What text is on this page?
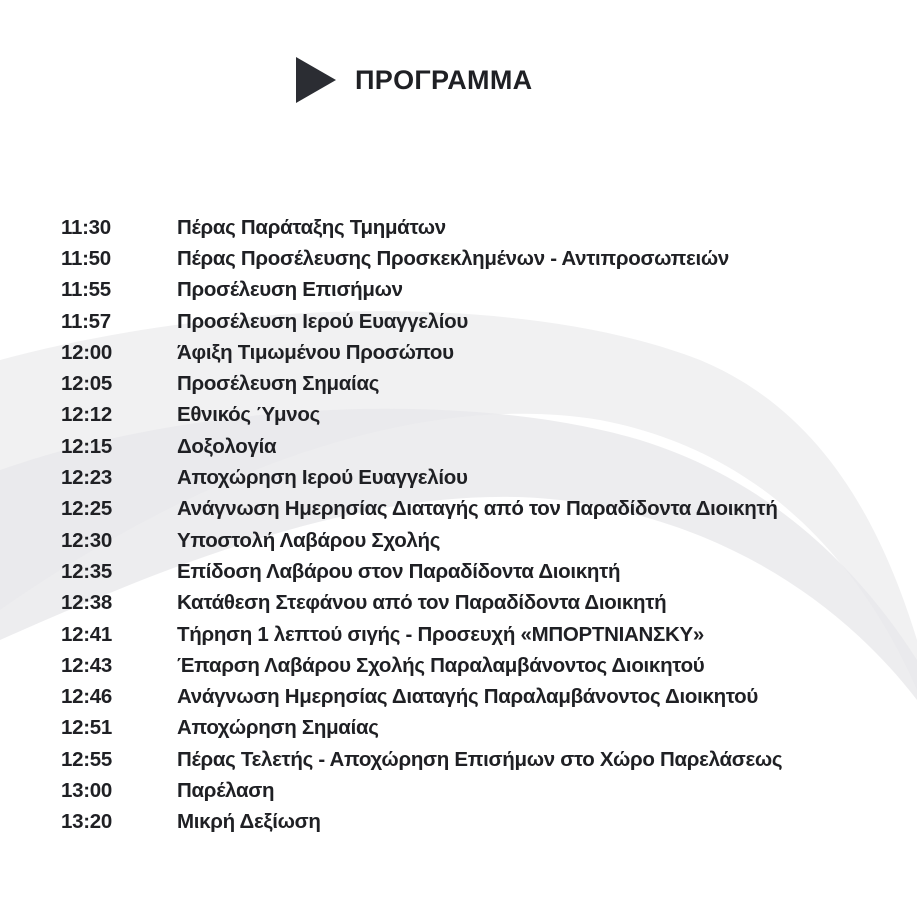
ΠΡΟΓΡΑΜΜΑ
11:30	Πέρας Παράταξης Τμημάτων
11:50	Πέρας Προσέλευσης Προσκεκλημένων - Αντιπροσωπειών
11:55	Προσέλευση Επισήμων
11:57	Προσέλευση Ιερού Ευαγγελίου
12:00	Άφιξη Τιμωμένου Προσώπου
12:05	Προσέλευση Σημαίας
12:12	Εθνικός Ύμνος
12:15	Δοξολογία
12:23	Αποχώρηση Ιερού Ευαγγελίου
12:25	Ανάγνωση Ημερησίας Διαταγής από τον Παραδίδοντα Διοικητή
12:30	Υποστολή Λαβάρου Σχολής
12:35	Επίδοση Λαβάρου στον Παραδίδοντα Διοικητή
12:38	Κατάθεση Στεφάνου από τον Παραδίδοντα Διοικητή
12:41	Τήρηση 1 λεπτού σιγής - Προσευχή «ΜΠΟΡΤΝΙΑΝΣΚΥ»
12:43	Έπαρση Λαβάρου Σχολής Παραλαμβάνοντος Διοικητού
12:46	Ανάγνωση Ημερησίας Διαταγής Παραλαμβάνοντος Διοικητού
12:51	Αποχώρηση Σημαίας
12:55	Πέρας Τελετής - Αποχώρηση Επισήμων στο Χώρο Παρελάσεως
13:00	Παρέλαση
13:20	Μικρή Δεξίωση
